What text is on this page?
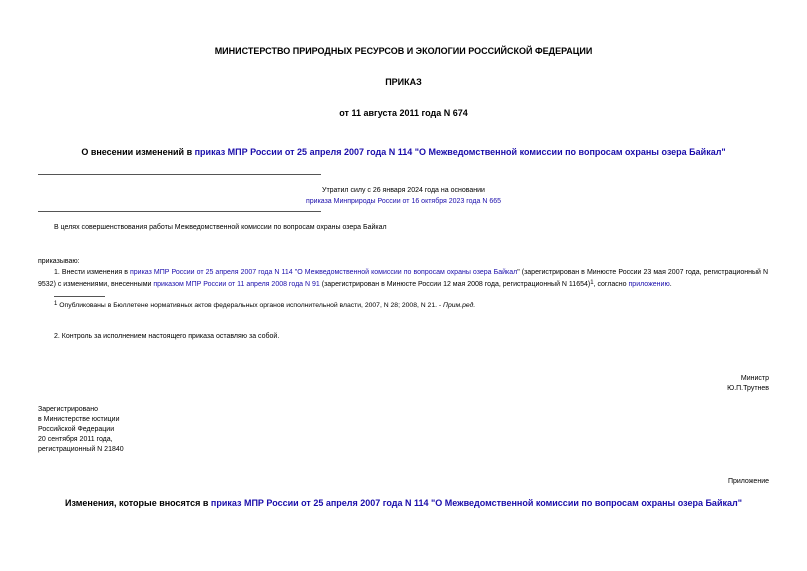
МИНИСТЕРСТВО ПРИРОДНЫХ РЕСУРСОВ И ЭКОЛОГИИ РОССИЙСКОЙ ФЕДЕРАЦИИ
ПРИКАЗ
от 11 августа 2011 года N 674
О внесении изменений в приказ МПР России от 25 апреля 2007 года N 114 "О Межведомственной комиссии по вопросам охраны озера Байкал"
Утратил силу с 26 января 2024 года на основании
приказа Минприроды России от 16 октября 2023 года N 665
В целях совершенствования работы Межведомственной комиссии по вопросам охраны озера Байкал
приказываю:
1. Внести изменения в приказ МПР России от 25 апреля 2007 года N 114 "О Межведомственной комиссии по вопросам охраны озера Байкал" (зарегистрирован в Минюсте России 23 мая 2007 года, регистрационный N 9532) с изменениями, внесенными приказом МПР России от 11 апреля 2008 года N 91 (зарегистрирован в Минюсте России 12 мая 2008 года, регистрационный N 11654)1, согласно приложению.
1 Опубликованы в Бюллетене нормативных актов федеральных органов исполнительной власти, 2007, N 28; 2008, N 21. - Прим.ред.
2. Контроль за исполнением настоящего приказа оставляю за собой.
Министр
Ю.П.Трутнев
Зарегистрировано
в Министерстве юстиции
Российской Федерации
20 сентября 2011 года,
регистрационный N 21840
Приложение
Изменения, которые вносятся в приказ МПР России от 25 апреля 2007 года N 114 "О Межведомственной комиссии по вопросам охраны озера Байкал"
